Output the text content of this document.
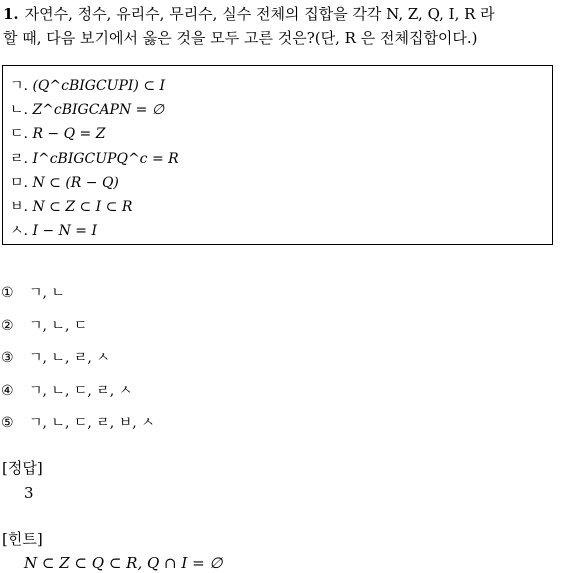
1. 자연수, 정수, 유리수, 무리수, 실수 전체의 집합을 각각 N, Z, Q, I, R 라
할 때, 다음 보기에서 옳은 것을 모두 고른 것은?(단, R 은 전체집합이다.)
ㄱ. (Q^cBIGCUPI) ⊂ I
ㄴ. Z^cBIGCAPN = ∅
ㄷ. R − Q = Z
ㄹ. I^cBIGCUPQ^c = R
ㅁ. N ⊂ (R − Q)
ㅂ. N ⊂ Z ⊂ I ⊂ R
ㅅ. I − N = I
① ㄱ, ㄴ
② ㄱ, ㄴ, ㄷ
③ ㄱ, ㄴ, ㄹ, ㅅ
④ ㄱ, ㄴ, ㄷ, ㄹ, ㅅ
⑤ ㄱ, ㄴ, ㄷ, ㄹ, ㅂ, ㅅ
[정답]
3
[힌트]
N ⊂ Z ⊂ Q ⊂ R, Q ∩ I = ∅
